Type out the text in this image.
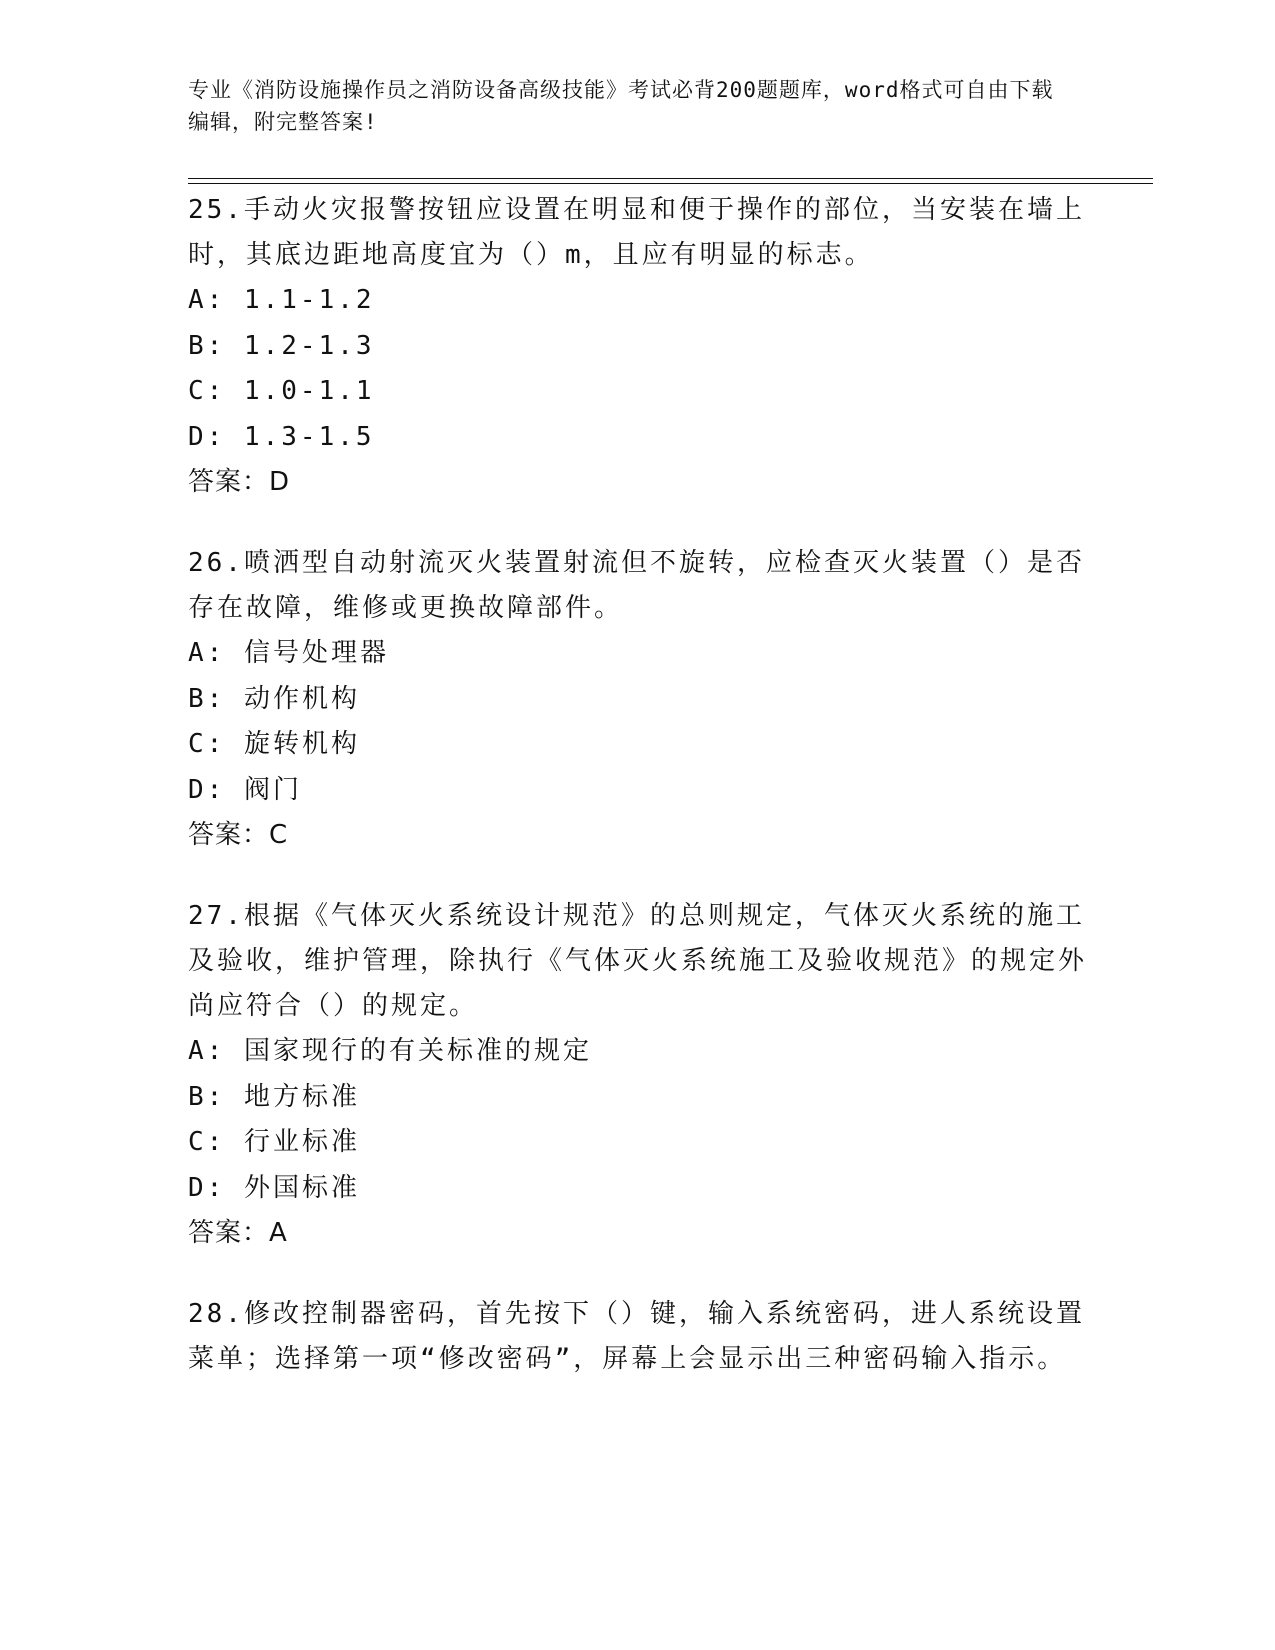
专业《消防设施操作员之消防设备高级技能》考试必背200题题库，word格式可自由下载编辑，附完整答案!
25.手动火灾报警按钮应设置在明显和便于操作的部位，当安装在墙上时，其底边距地高度宜为（）m，且应有明显的标志。
A: 1.1-1.2
B: 1.2-1.3
C: 1.0-1.1
D: 1.3-1.5
答案：D
26.喷洒型自动射流灭火装置射流但不旋转，应检查灭火装置（）是否存在故障，维修或更换故障部件。
A: 信号处理器
B: 动作机构
C: 旋转机构
D: 阀门
答案：C
27.根据《气体灭火系统设计规范》的总则规定，气体灭火系统的施工及验收，维护管理，除执行《气体灭火系统施工及验收规范》的规定外尚应符合（）的规定。
A: 国家现行的有关标准的规定
B: 地方标准
C: 行业标准
D: 外国标准
答案：A
28.修改控制器密码，首先按下（）键，输入系统密码，进人系统设置菜单；选择第一项“修改密码”，屏幕上会显示出三种密码输入指示。
